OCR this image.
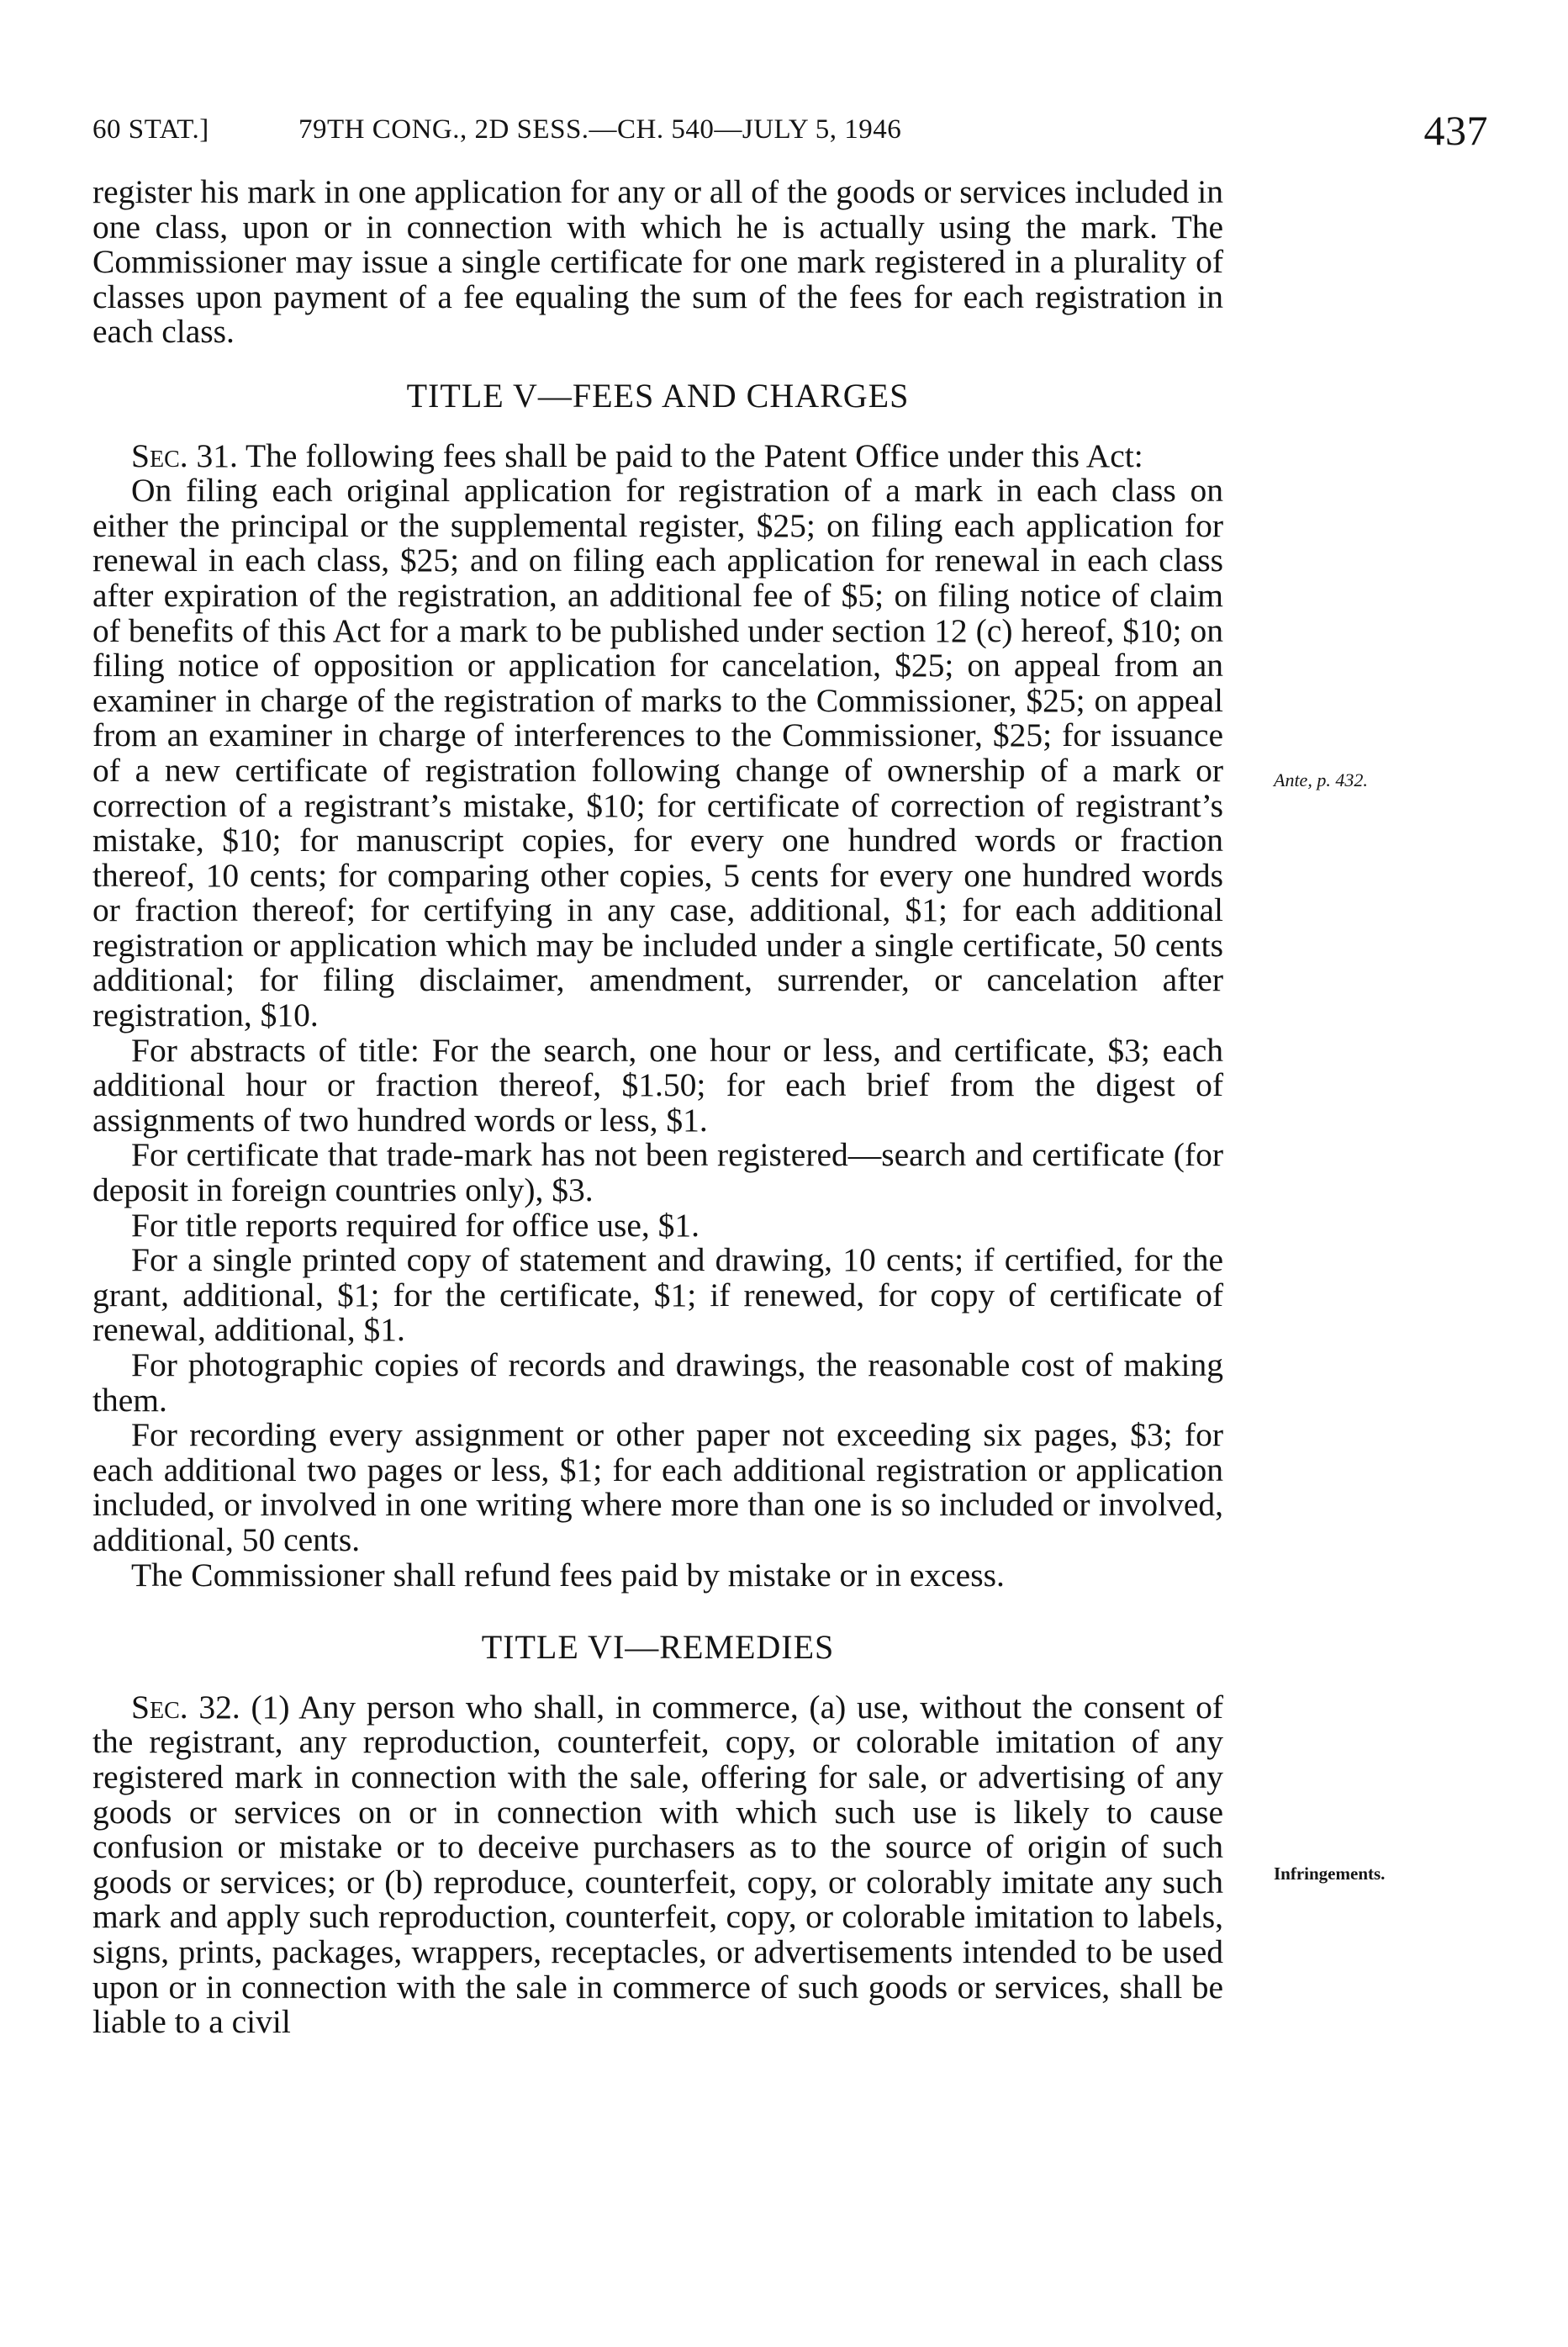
60 STAT.]	79TH CONG., 2D SESS.—CH. 540—JULY 5, 1946	437

register his mark in one application for any or all of the goods or services included in one class, upon or in connection with which he is actually using the mark. The Commissioner may issue a single certificate for one mark registered in a plurality of classes upon payment of a fee equaling the sum of the fees for each registration in each class.

TITLE V—FEES AND CHARGES

Sec. 31. The following fees shall be paid to the Patent Office under this Act:

On filing each original application for registration of a mark in each class on either the principal or the supplemental register, $25; on filing each application for renewal in each class, $25; and on filing each application for renewal in each class after expiration of the registration, an additional fee of $5; on filing notice of claim of benefits of this Act for a mark to be published under section 12 (c) hereof, $10; on filing notice of opposition or application for cancelation, $25; on appeal from an examiner in charge of the registration of marks to the Commissioner, $25; on appeal from an examiner in charge of interferences to the Commissioner, $25; for issuance of a new certificate of registration following change of ownership of a mark or correction of a registrant’s mistake, $10; for certificate of correction of registrant’s mistake, $10; for manuscript copies, for every one hundred words or fraction thereof, 10 cents; for comparing other copies, 5 cents for every one hundred words or fraction thereof; for certifying in any case, additional, $1; for each additional registration or application which may be included under a single certificate, 50 cents additional; for filing disclaimer, amendment, surrender, or cancelation after registration, $10.

For abstracts of title: For the search, one hour or less, and certificate, $3; each additional hour or fraction thereof, $1.50; for each brief from the digest of assignments of two hundred words or less, $1.

For certificate that trade-mark has not been registered—search and certificate (for deposit in foreign countries only), $3.

For title reports required for office use, $1.

For a single printed copy of statement and drawing, 10 cents; if certified, for the grant, additional, $1; for the certificate, $1; if renewed, for copy of certificate of renewal, additional, $1.

For photographic copies of records and drawings, the reasonable cost of making them.

For recording every assignment or other paper not exceeding six pages, $3; for each additional two pages or less, $1; for each additional registration or application included, or involved in one writing where more than one is so included or involved, additional, 50 cents.

The Commissioner shall refund fees paid by mistake or in excess.

TITLE VI—REMEDIES

Sec. 32. (1) Any person who shall, in commerce, (a) use, without the consent of the registrant, any reproduction, counterfeit, copy, or colorable imitation of any registered mark in connection with the sale, offering for sale, or advertising of any goods or services on or in connection with which such use is likely to cause confusion or mistake or to deceive purchasers as to the source of origin of such goods or services; or (b) reproduce, counterfeit, copy, or colorably imitate any such mark and apply such reproduction, counterfeit, copy, or colorable imitation to labels, signs, prints, packages, wrappers, receptacles, or advertisements intended to be used upon or in connection with the sale in commerce of such goods or services, shall be liable to a civil

Ante, p. 432.
Infringements.
